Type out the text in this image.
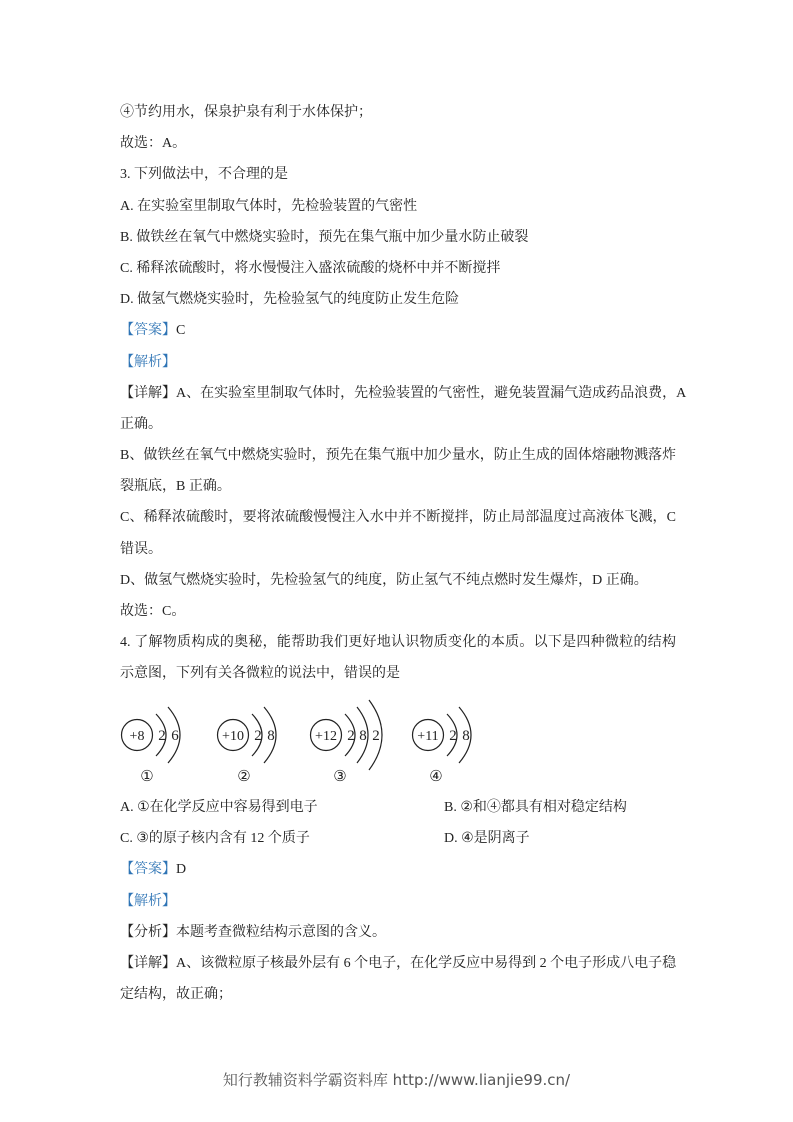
④节约用水，保泉护泉有利于水体保护；
故选：A。
3. 下列做法中，不合理的是
A. 在实验室里制取气体时，先检验装置的气密性
B. 做铁丝在氧气中燃烧实验时，预先在集气瓶中加少量水防止破裂
C. 稀释浓硫酸时，将水慢慢注入盛浓硫酸的烧杯中并不断搅拌
D. 做氢气燃烧实验时，先检验氢气的纯度防止发生危险
【答案】C
【解析】
【详解】A、在实验室里制取气体时，先检验装置的气密性，避免装置漏气造成药品浪费，A
正确。
B、做铁丝在氧气中燃烧实验时，预先在集气瓶中加少量水，防止生成的固体熔融物溅落炸
裂瓶底，B 正确。
C、稀释浓硫酸时，要将浓硫酸慢慢注入水中并不断搅拌，防止局部温度过高液体飞溅，C
错误。
D、做氢气燃烧实验时，先检验氢气的纯度，防止氢气不纯点燃时发生爆炸，D 正确。
故选：C。
4. 了解物质构成的奥秘，能帮助我们更好地认识物质变化的本质。以下是四种微粒的结构
示意图，下列有关各微粒的说法中，错误的是
+8 2 6
①
+10 2 8
②
+12 2 8 2
③
+11 2 8
④
A. ①在化学反应中容易得到电子	B. ②和④都具有相对稳定结构
C. ③的原子核内含有 12 个质子	D. ④是阴离子
【答案】D
【解析】
【分析】本题考查微粒结构示意图的含义。
【详解】A、该微粒原子核最外层有 6 个电子，在化学反应中易得到 2 个电子形成八电子稳
定结构，故正确；
知行教辅资料学霸资料库 http://www.lianjie99.cn/
